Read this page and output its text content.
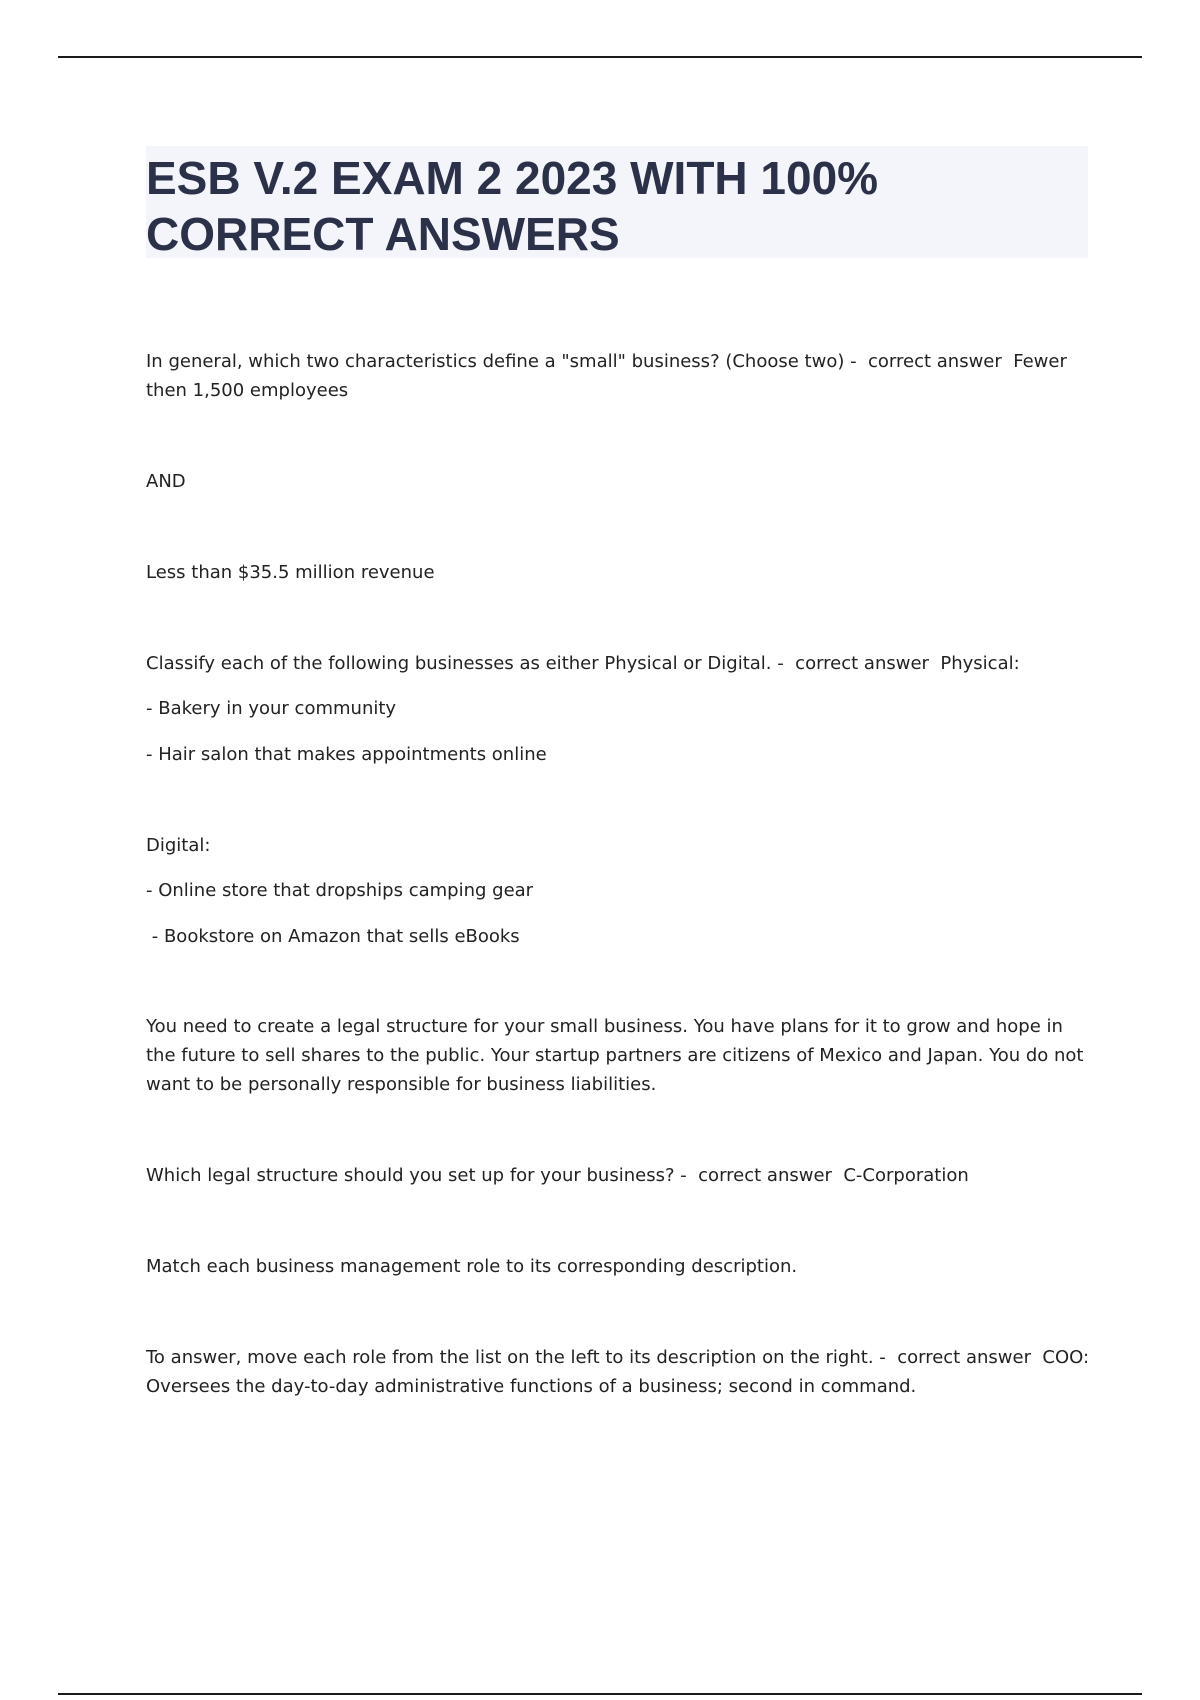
ESB V.2 EXAM 2 2023 WITH 100% CORRECT ANSWERS

In general, which two characteristics define a "small" business? (Choose two) -  correct answer  Fewer then 1,500 employees

AND

Less than $35.5 million revenue

Classify each of the following businesses as either Physical or Digital. -  correct answer  Physical:

- Bakery in your community

- Hair salon that makes appointments online

Digital:

- Online store that dropships camping gear

- Bookstore on Amazon that sells eBooks

You need to create a legal structure for your small business. You have plans for it to grow and hope in the future to sell shares to the public. Your startup partners are citizens of Mexico and Japan. You do not want to be personally responsible for business liabilities.

Which legal structure should you set up for your business? -  correct answer  C-Corporation

Match each business management role to its corresponding description.

To answer, move each role from the list on the left to its description on the right. -  correct answer  COO: Oversees the day-to-day administrative functions of a business; second in command.
